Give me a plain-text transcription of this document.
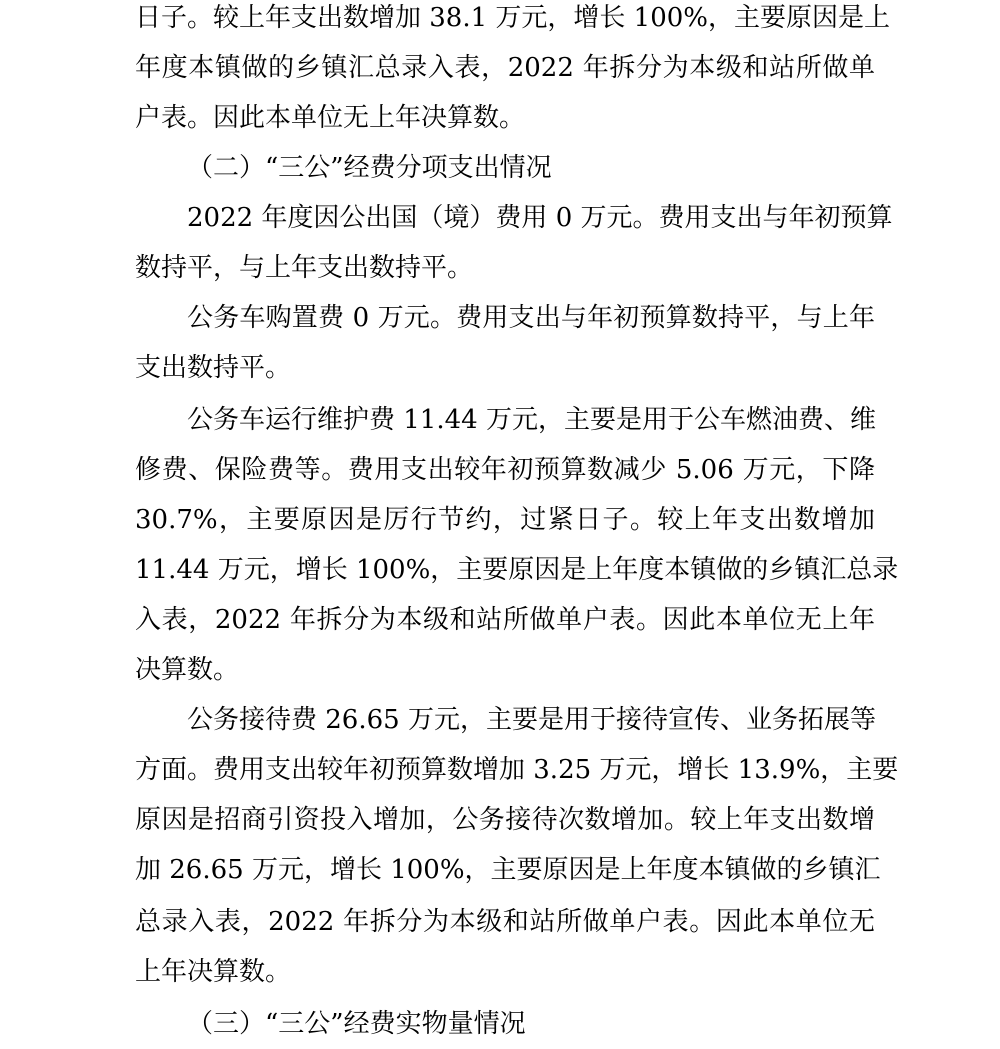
日子。较上年支出数增加 38.1 万元，增长 100%，主要原因是上
年度本镇做的乡镇汇总录入表，2022 年拆分为本级和站所做单
户表。因此本单位无上年决算数。
（二）“三公”经费分项支出情况
2022 年度因公出国（境）费用 0 万元。费用支出与年初预算
数持平，与上年支出数持平。
公务车购置费 0 万元。费用支出与年初预算数持平，与上年
支出数持平。
公务车运行维护费 11.44 万元，主要是用于公车燃油费、维
修费、保险费等。费用支出较年初预算数减少 5.06 万元，下降
30.7%，主要原因是厉行节约，过紧日子。较上年支出数增加
11.44 万元，增长 100%，主要原因是上年度本镇做的乡镇汇总录
入表，2022 年拆分为本级和站所做单户表。因此本单位无上年
决算数。
公务接待费 26.65 万元，主要是用于接待宣传、业务拓展等
方面。费用支出较年初预算数增加 3.25 万元，增长 13.9%，主要
原因是招商引资投入增加，公务接待次数增加。较上年支出数增
加 26.65 万元，增长 100%，主要原因是上年度本镇做的乡镇汇
总录入表，2022 年拆分为本级和站所做单户表。因此本单位无
上年决算数。
（三）“三公”经费实物量情况
